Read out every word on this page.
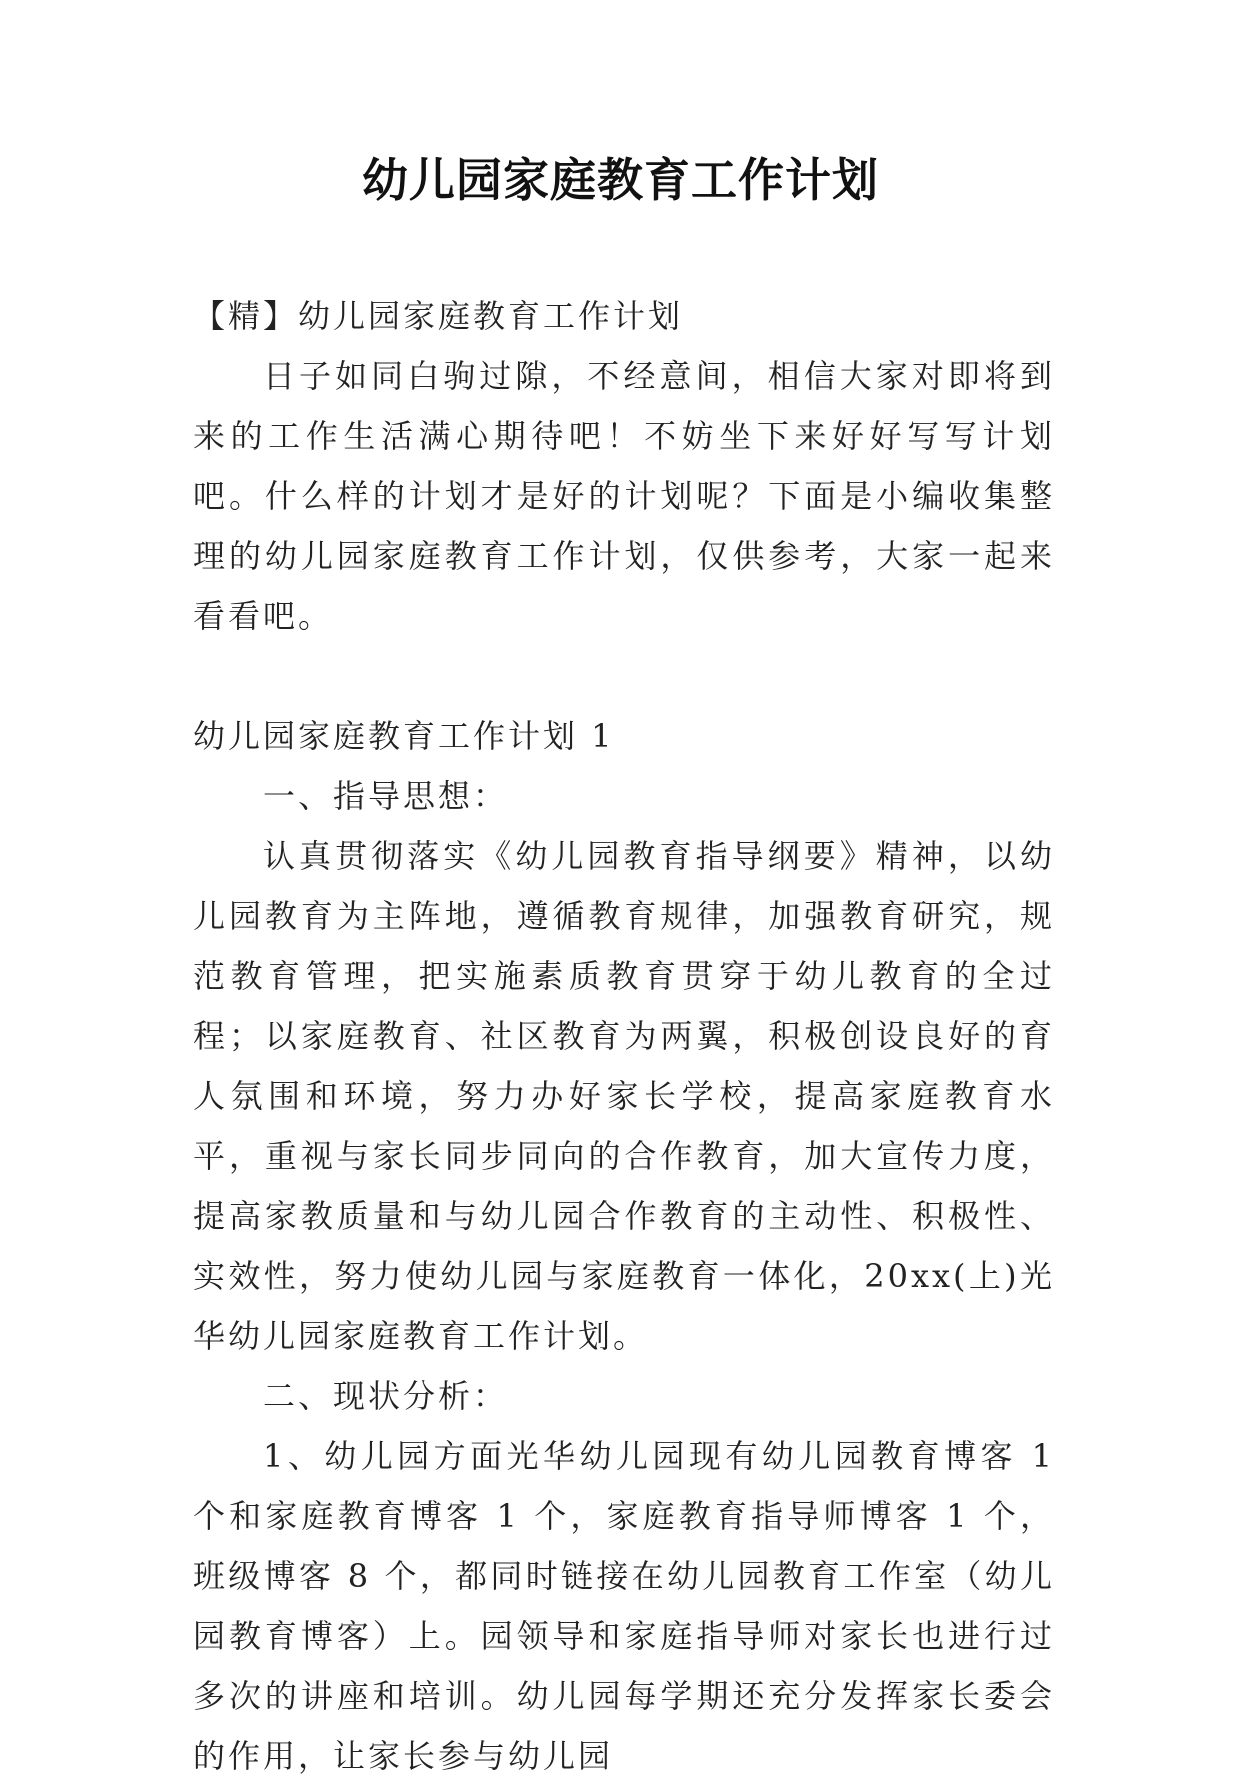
幼儿园家庭教育工作计划

【精】幼儿园家庭教育工作计划

日子如同白驹过隙，不经意间，相信大家对即将到来的工作生活满心期待吧！不妨坐下来好好写写计划吧。什么样的计划才是好的计划呢？下面是小编收集整理的幼儿园家庭教育工作计划，仅供参考，大家一起来看看吧。

幼儿园家庭教育工作计划 1

一、指导思想：

认真贯彻落实《幼儿园教育指导纲要》精神，以幼儿园教育为主阵地，遵循教育规律，加强教育研究，规范教育管理，把实施素质教育贯穿于幼儿教育的全过程；以家庭教育、社区教育为两翼，积极创设良好的育人氛围和环境，努力办好家长学校，提高家庭教育水平，重视与家长同步同向的合作教育，加大宣传力度，提高家教质量和与幼儿园合作教育的主动性、积极性、实效性，努力使幼儿园与家庭教育一体化，20xx(上)光华幼儿园家庭教育工作计划。

二、现状分析：

1、幼儿园方面光华幼儿园现有幼儿园教育博客 1 个和家庭教育博客 1 个，家庭教育指导师博客 1 个，班级博客 8 个，都同时链接在幼儿园教育工作室（幼儿园教育博客）上。园领导和家庭指导师对家长也进行过多次的讲座和培训。幼儿园每学期还充分发挥家长委会的作用，让家长参与幼儿园
